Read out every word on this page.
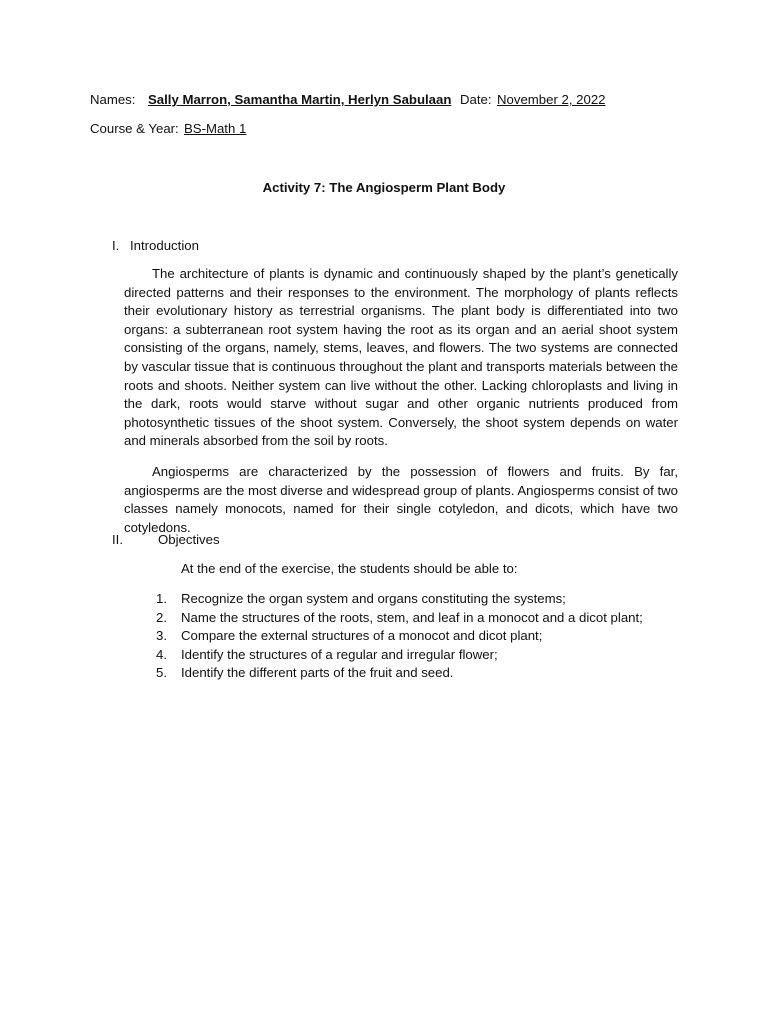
Names: Sally Marron, Samantha Martin, Herlyn Sabulaan Date: November 2, 2022
Course & Year: BS-Math 1
Activity 7: The Angiosperm Plant Body
I. Introduction

The architecture of plants is dynamic and continuously shaped by the plant’s genetically directed patterns and their responses to the environment. The morphology of plants reflects their evolutionary history as terrestrial organisms. The plant body is differentiated into two organs: a subterranean root system having the root as its organ and an aerial shoot system consisting of the organs, namely, stems, leaves, and flowers. The two systems are connected by vascular tissue that is continuous throughout the plant and transports materials between the roots and shoots. Neither system can live without the other. Lacking chloroplasts and living in the dark, roots would starve without sugar and other organic nutrients produced from photosynthetic tissues of the shoot system. Conversely, the shoot system depends on water and minerals absorbed from the soil by roots.

Angiosperms are characterized by the possession of flowers and fruits. By far, angiosperms are the most diverse and widespread group of plants. Angiosperms consist of two classes namely monocots, named for their single cotyledon, and dicots, which have two cotyledons.

II.	Objectives
At the end of the exercise, the students should be able to:
1. Recognize the organ system and organs constituting the systems;
2. Name the structures of the roots, stem, and leaf in a monocot and a dicot plant;
3. Compare the external structures of a monocot and dicot plant;
4. Identify the structures of a regular and irregular flower;
5. Identify the different parts of the fruit and seed.
